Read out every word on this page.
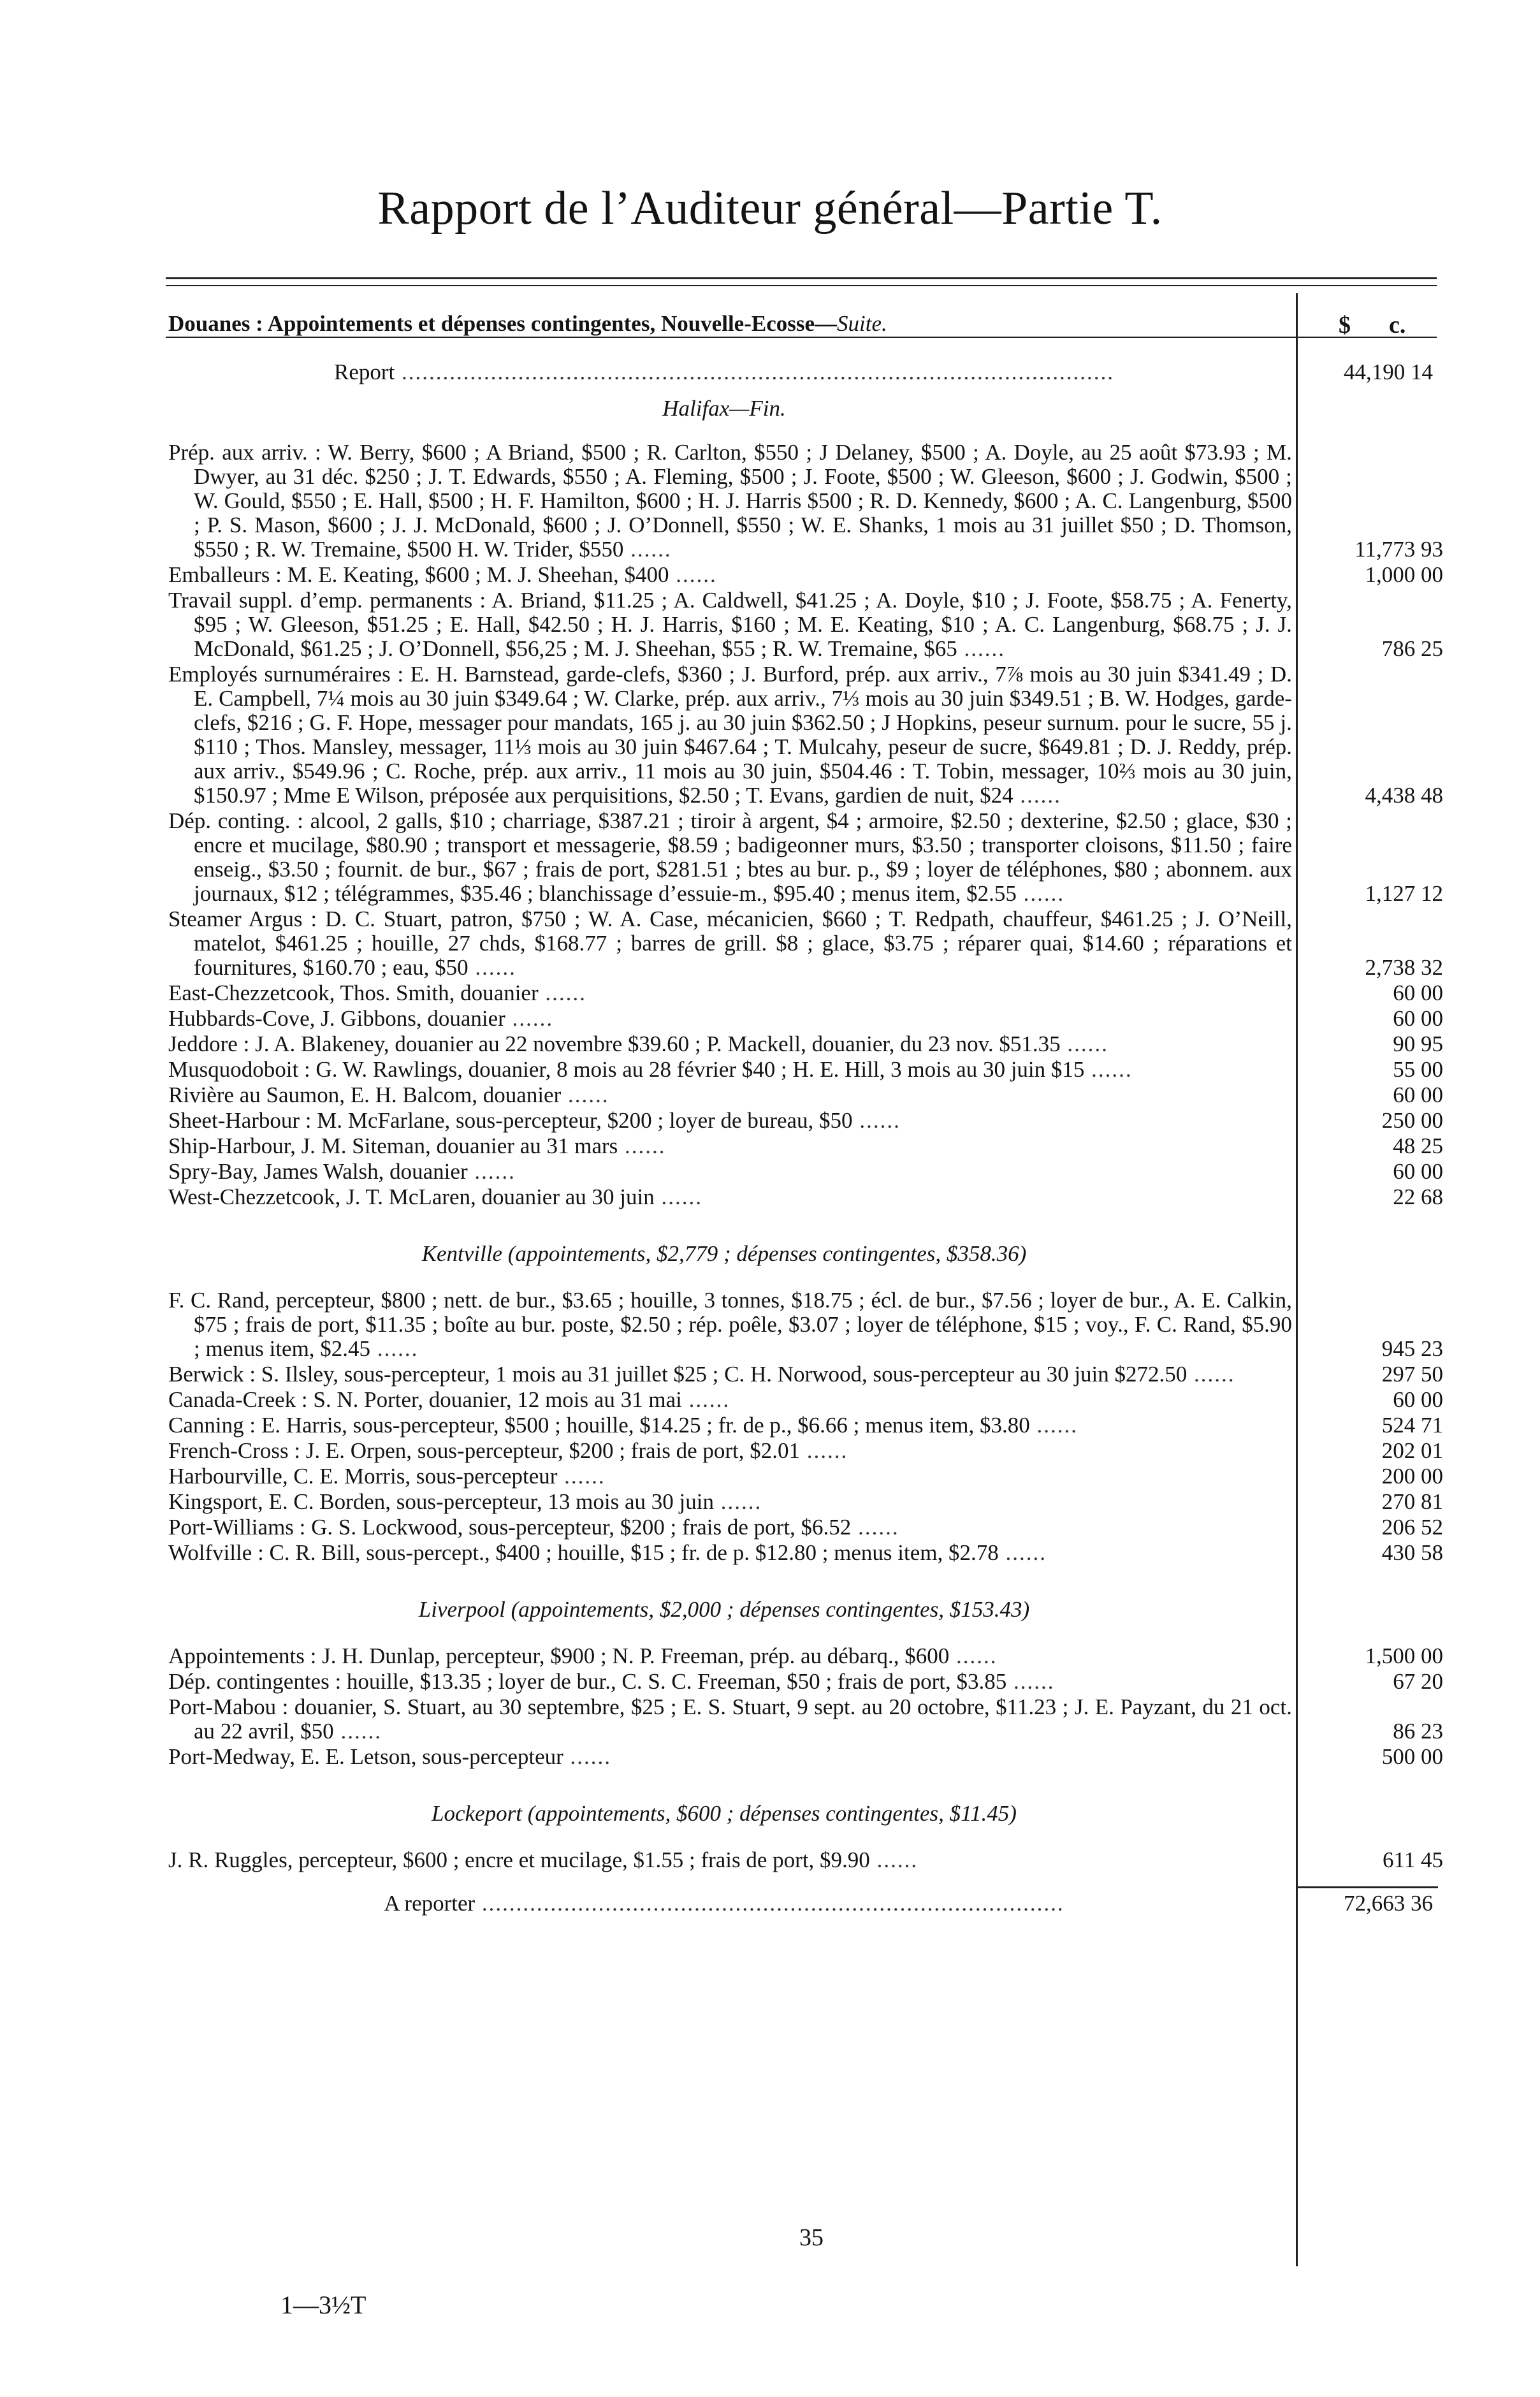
Rapport de l’Auditeur général—Partie T.
Douanes : Appointements et dépenses contingentes, Nouvelle-Ecosse—Suite.	$ c.
Report ........................................................................................................	44,190 14
Halifax—Fin.
Prép. aux arriv. : W. Berry, $600 ; A Briand, $500 ; R. Carlton, $550 ; J Delaney, $500 ; A. Doyle, au 25 août $73.93 ; M. Dwyer, au 31 déc. $250 ; J. T. Edwards, $550 ; A. Fleming, $500 ; J. Foote, $500 ; W. Gleeson, $600 ; J. Godwin, $500 ; W. Gould, $550 ; E. Hall, $500 ; H. F. Hamilton, $600 ; H. J. Harris $500 ; R. D. Kennedy, $600 ; A. C. Langenburg, $500 ; P. S. Mason, $600 ; J. J. McDonald, $600 ; J. O’Donnell, $550 ; W. E. Shanks, 1 mois au 31 juillet $50 ; D. Thomson, $550 ; R. W. Tremaine, $500 H. W. Trider, $550 ......	11,773 93
Emballeurs : M. E. Keating, $600 ; M. J. Sheehan, $400 ......	1,000 00
Travail suppl. d’emp. permanents : A. Briand, $11.25 ; A. Caldwell, $41.25 ; A. Doyle, $10 ; J. Foote, $58.75 ; A. Fenerty, $95 ; W. Gleeson, $51.25 ; E. Hall, $42.50 ; H. J. Harris, $160 ; M. E. Keating, $10 ; A. C. Langenburg, $68.75 ; J. J. McDonald, $61.25 ; J. O’Donnell, $56,25 ; M. J. Sheehan, $55 ; R. W. Tremaine, $65 ......	786 25
Employés surnuméraires : E. H. Barnstead, garde-clefs, $360 ; J. Burford, prép. aux arriv., 7⅞ mois au 30 juin $341.49 ; D. E. Campbell, 7¼ mois au 30 juin $349.64 ; W. Clarke, prép. aux arriv., 7⅓ mois au 30 juin $349.51 ; B. W. Hodges, garde-clefs, $216 ; G. F. Hope, messager pour mandats, 165 j. au 30 juin $362.50 ; J Hopkins, peseur surnum. pour le sucre, 55 j. $110 ; Thos. Mansley, messager, 11⅓ mois au 30 juin $467.64 ; T. Mulcahy, peseur de sucre, $649.81 ; D. J. Reddy, prép. aux arriv., $549.96 ; C. Roche, prép. aux arriv., 11 mois au 30 juin, $504.46 : T. Tobin, messager, 10⅔ mois au 30 juin, $150.97 ; Mme E Wilson, préposée aux perquisitions, $2.50 ; T. Evans, gardien de nuit, $24 ......	4,438 48
Dép. conting. : alcool, 2 galls, $10 ; charriage, $387.21 ; tiroir à argent, $4 ; armoire, $2.50 ; dexterine, $2.50 ; glace, $30 ; encre et mucilage, $80.90 ; transport et messagerie, $8.59 ; badigeonner murs, $3.50 ; transporter cloisons, $11.50 ; faire enseig., $3.50 ; fournit. de bur., $67 ; frais de port, $281.51 ; btes au bur. p., $9 ; loyer de téléphones, $80 ; abonnem. aux journaux, $12 ; télégrammes, $35.46 ; blanchissage d’essuie-m., $95.40 ; menus item, $2.55 ......	1,127 12
Steamer Argus : D. C. Stuart, patron, $750 ; W. A. Case, mécanicien, $660 ; T. Redpath, chauffeur, $461.25 ; J. O’Neill, matelot, $461.25 ; houille, 27 chds, $168.77 ; barres de grill. $8 ; glace, $3.75 ; réparer quai, $14.60 ; réparations et fournitures, $160.70 ; eau, $50 ......	2,738 32
East-Chezzetcook, Thos. Smith, douanier ......	60 00
Hubbards-Cove, J. Gibbons, douanier ......	60 00
Jeddore : J. A. Blakeney, douanier au 22 novembre $39.60 ; P. Mackell, douanier, du 23 nov. $51.35 ......	90 95
Musquodoboit : G. W. Rawlings, douanier, 8 mois au 28 février $40 ; H. E. Hill, 3 mois au 30 juin $15 ......	55 00
Rivière au Saumon, E. H. Balcom, douanier ......	60 00
Sheet-Harbour : M. McFarlane, sous-percepteur, $200 ; loyer de bureau, $50 ......	250 00
Ship-Harbour, J. M. Siteman, douanier au 31 mars ......	48 25
Spry-Bay, James Walsh, douanier ......	60 00
West-Chezzetcook, J. T. McLaren, douanier au 30 juin ......	22 68
Kentville (appointements, $2,779 ; dépenses contingentes, $358.36)
F. C. Rand, percepteur, $800 ; nett. de bur., $3.65 ; houille, 3 tonnes, $18.75 ; écl. de bur., $7.56 ; loyer de bur., A. E. Calkin, $75 ; frais de port, $11.35 ; boîte au bur. poste, $2.50 ; rép. poêle, $3.07 ; loyer de téléphone, $15 ; voy., F. C. Rand, $5.90 ; menus item, $2.45 ......	945 23
Berwick : S. Ilsley, sous-percepteur, 1 mois au 31 juillet $25 ; C. H. Norwood, sous-percepteur au 30 juin $272.50 ......	297 50
Canada-Creek : S. N. Porter, douanier, 12 mois au 31 mai ......	60 00
Canning : E. Harris, sous-percepteur, $500 ; houille, $14.25 ; fr. de p., $6.66 ; menus item, $3.80 ......	524 71
French-Cross : J. E. Orpen, sous-percepteur, $200 ; frais de port, $2.01 ......	202 01
Harbourville, C. E. Morris, sous-percepteur ......	200 00
Kingsport, E. C. Borden, sous-percepteur, 13 mois au 30 juin ......	270 81
Port-Williams : G. S. Lockwood, sous-percepteur, $200 ; frais de port, $6.52 ......	206 52
Wolfville : C. R. Bill, sous-percept., $400 ; houille, $15 ; fr. de p. $12.80 ; menus item, $2.78 ......	430 58
Liverpool (appointements, $2,000 ; dépenses contingentes, $153.43)
Appointements : J. H. Dunlap, percepteur, $900 ; N. P. Freeman, prép. au débarq., $600 ......	1,500 00
Dép. contingentes : houille, $13.35 ; loyer de bur., C. S. C. Freeman, $50 ; frais de port, $3.85 ......	67 20
Port-Mabou : douanier, S. Stuart, au 30 septembre, $25 ; E. S. Stuart, 9 sept. au 20 octobre, $11.23 ; J. E. Payzant, du 21 oct. au 22 avril, $50 ......	86 23
Port-Medway, E. E. Letson, sous-percepteur ......	500 00
Lockeport (appointements, $600 ; dépenses contingentes, $11.45)
J. R. Ruggles, percepteur, $600 ; encre et mucilage, $1.55 ; frais de port, $9.90 ......	611 45
A reporter .....................................................................................	72,663 36
35
1—3½T
